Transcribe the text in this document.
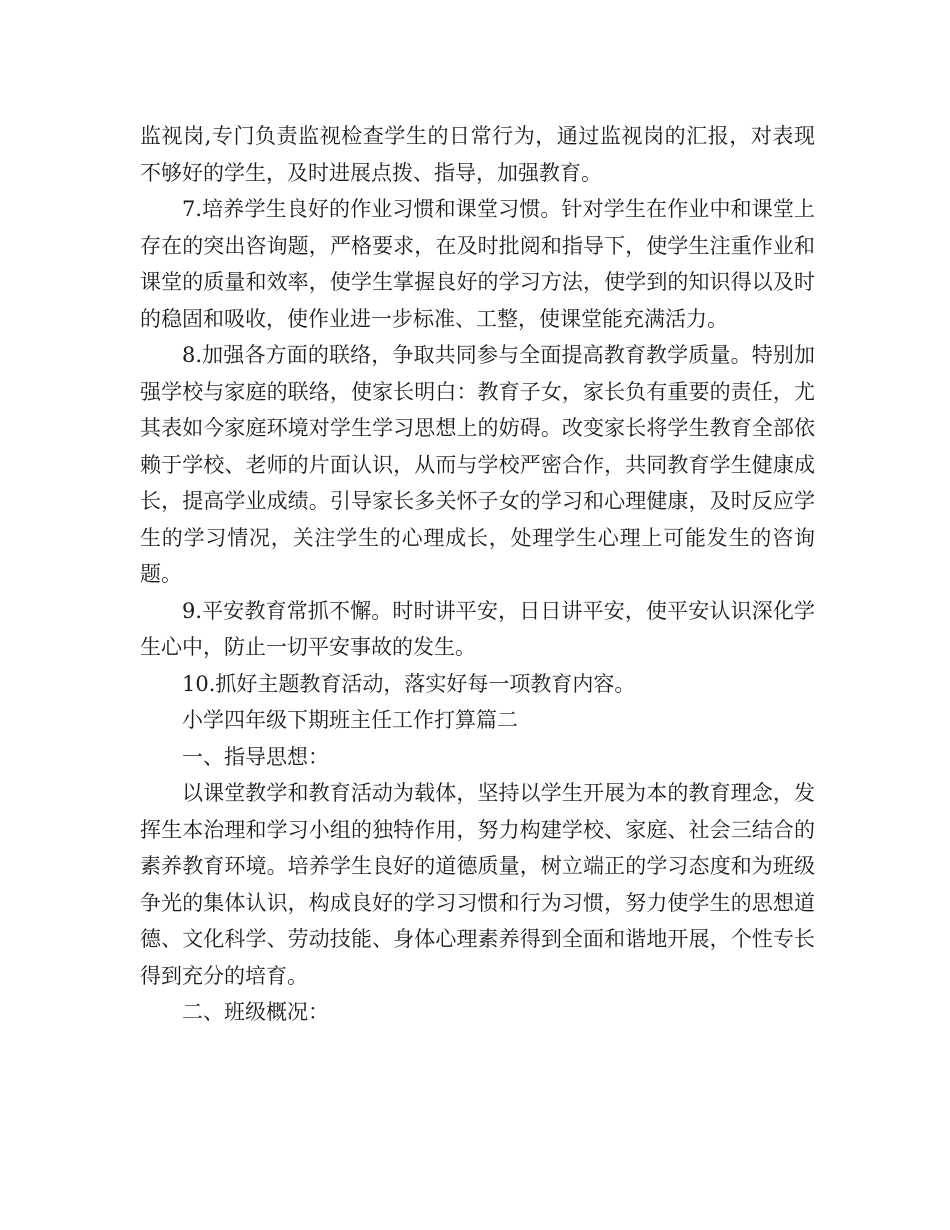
监视岗,专门负责监视检查学生的日常行为，通过监视岗的汇报，对表现不够好的学生，及时进展点拨、指导，加强教育。

7.培养学生良好的作业习惯和课堂习惯。针对学生在作业中和课堂上存在的突出咨询题，严格要求，在及时批阅和指导下，使学生注重作业和课堂的质量和效率，使学生掌握良好的学习方法，使学到的知识得以及时的稳固和吸收，使作业进一步标准、工整，使课堂能充满活力。

8.加强各方面的联络，争取共同参与全面提高教育教学质量。特别加强学校与家庭的联络，使家长明白：教育子女，家长负有重要的责任，尤其表如今家庭环境对学生学习思想上的妨碍。改变家长将学生教育全部依赖于学校、老师的片面认识，从而与学校严密合作，共同教育学生健康成长，提高学业成绩。引导家长多关怀子女的学习和心理健康，及时反应学生的学习情况，关注学生的心理成长，处理学生心理上可能发生的咨询题。

9.平安教育常抓不懈。时时讲平安，日日讲平安，使平安认识深化学生心中，防止一切平安事故的发生。

10.抓好主题教育活动，落实好每一项教育内容。

小学四年级下期班主任工作打算篇二

一、指导思想：

以课堂教学和教育活动为载体，坚持以学生开展为本的教育理念，发挥生本治理和学习小组的独特作用，努力构建学校、家庭、社会三结合的素养教育环境。培养学生良好的道德质量，树立端正的学习态度和为班级争光的集体认识，构成良好的学习习惯和行为习惯，努力使学生的思想道德、文化科学、劳动技能、身体心理素养得到全面和谐地开展，个性专长得到充分的培育。

二、班级概况：
